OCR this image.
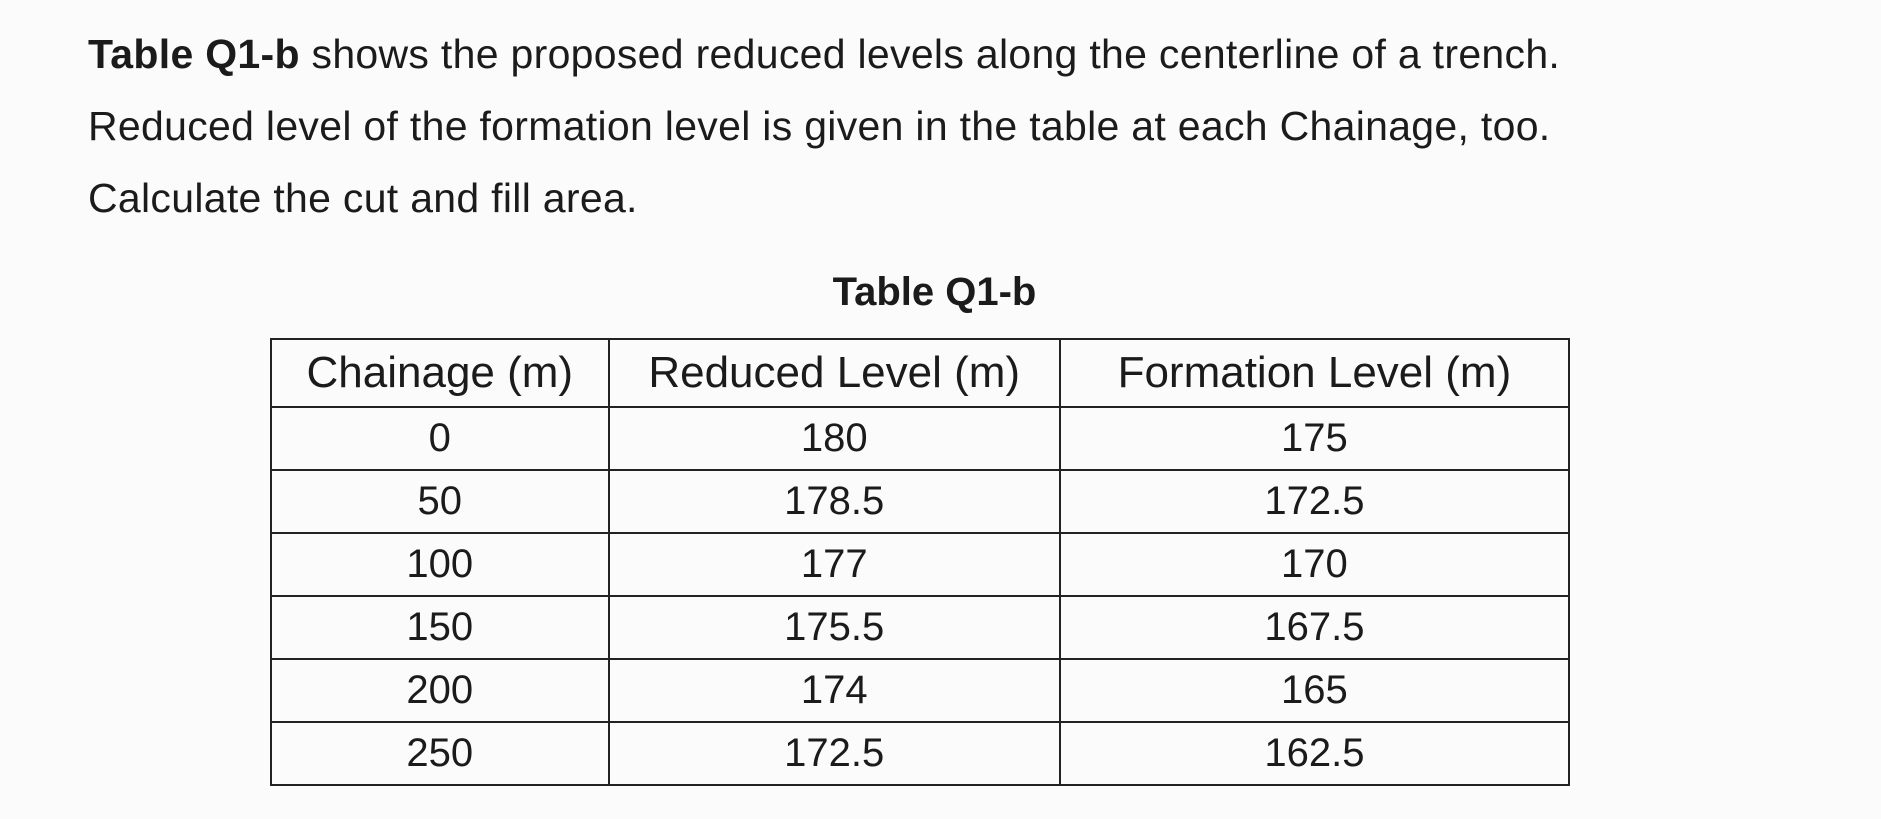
Table Q1-b shows the proposed reduced levels along the centerline of a trench.

Reduced level of the formation level is given in the table at each Chainage, too.

Calculate the cut and fill area.

Table Q1-b
Chainage (m)	Reduced Level (m)	Formation Level (m)
0	180	175
50	178.5	172.5
100	177	170
150	175.5	167.5
200	174	165
250	172.5	162.5
